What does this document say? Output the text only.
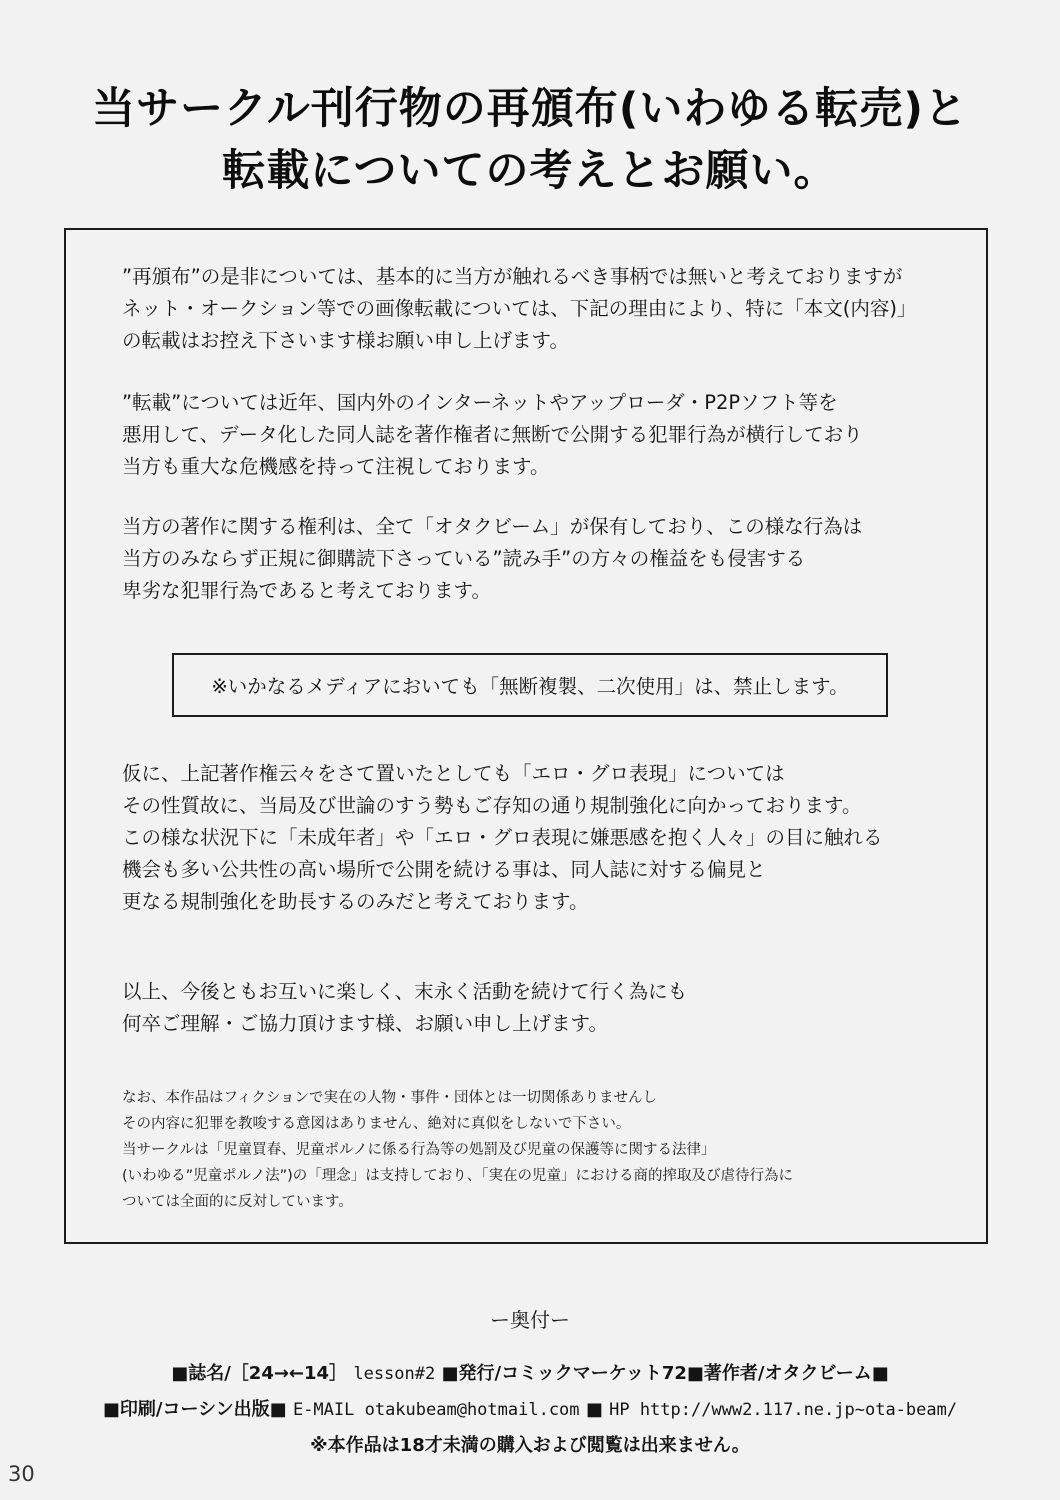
当サークル刊行物の再頒布(いわゆる転売)と
転載についての考えとお願い。
”再頒布”の是非については、基本的に当方が触れるべき事柄では無いと考えておりますが
ネット・オークション等での画像転載については、下記の理由により、特に「本文(内容)」
の転載はお控え下さいます様お願い申し上げます。
”転載”については近年、国内外のインターネットやアップローダ・P2Pソフト等を
悪用して、データ化した同人誌を著作権者に無断で公開する犯罪行為が横行しており
当方も重大な危機感を持って注視しております。
当方の著作に関する権利は、全て「オタクビーム」が保有しており、この様な行為は
当方のみならず正規に御購読下さっている”読み手”の方々の権益をも侵害する
卑劣な犯罪行為であると考えております。
※いかなるメディアにおいても「無断複製、二次使用」は、禁止します。
仮に、上記著作権云々をさて置いたとしても「エロ・グロ表現」については
その性質故に、当局及び世論のすう勢もご存知の通り規制強化に向かっております。
この様な状況下に「未成年者」や「エロ・グロ表現に嫌悪感を抱く人々」の目に触れる
機会も多い公共性の高い場所で公開を続ける事は、同人誌に対する偏見と
更なる規制強化を助長するのみだと考えております。
以上、今後ともお互いに楽しく、末永く活動を続けて行く為にも
何卒ご理解・ご協力頂けます様、お願い申し上げます。
なお、本作品はフィクションで実在の人物・事件・団体とは一切関係ありませんし
その内容に犯罪を教唆する意図はありません、絶対に真似をしないで下さい。
当サークルは「児童買春、児童ポルノに係る行為等の処罰及び児童の保護等に関する法律」
(いわゆる”児童ポルノ法”)の「理念」は支持しており、「実在の児童」における商的搾取及び虐待行為に
ついては全面的に反対しています。
ー奥付ー
■誌名/［24→←14］ lesson#2 ■発行/コミックマーケット72■著作者/オタクビーム■
■印刷/コーシン出版■ E-MAIL otakubeam@hotmail.com ■ HP http://www2.117.ne.jp~ota-beam/
※本作品は18才未満の購入および閲覧は出来ません。
30
